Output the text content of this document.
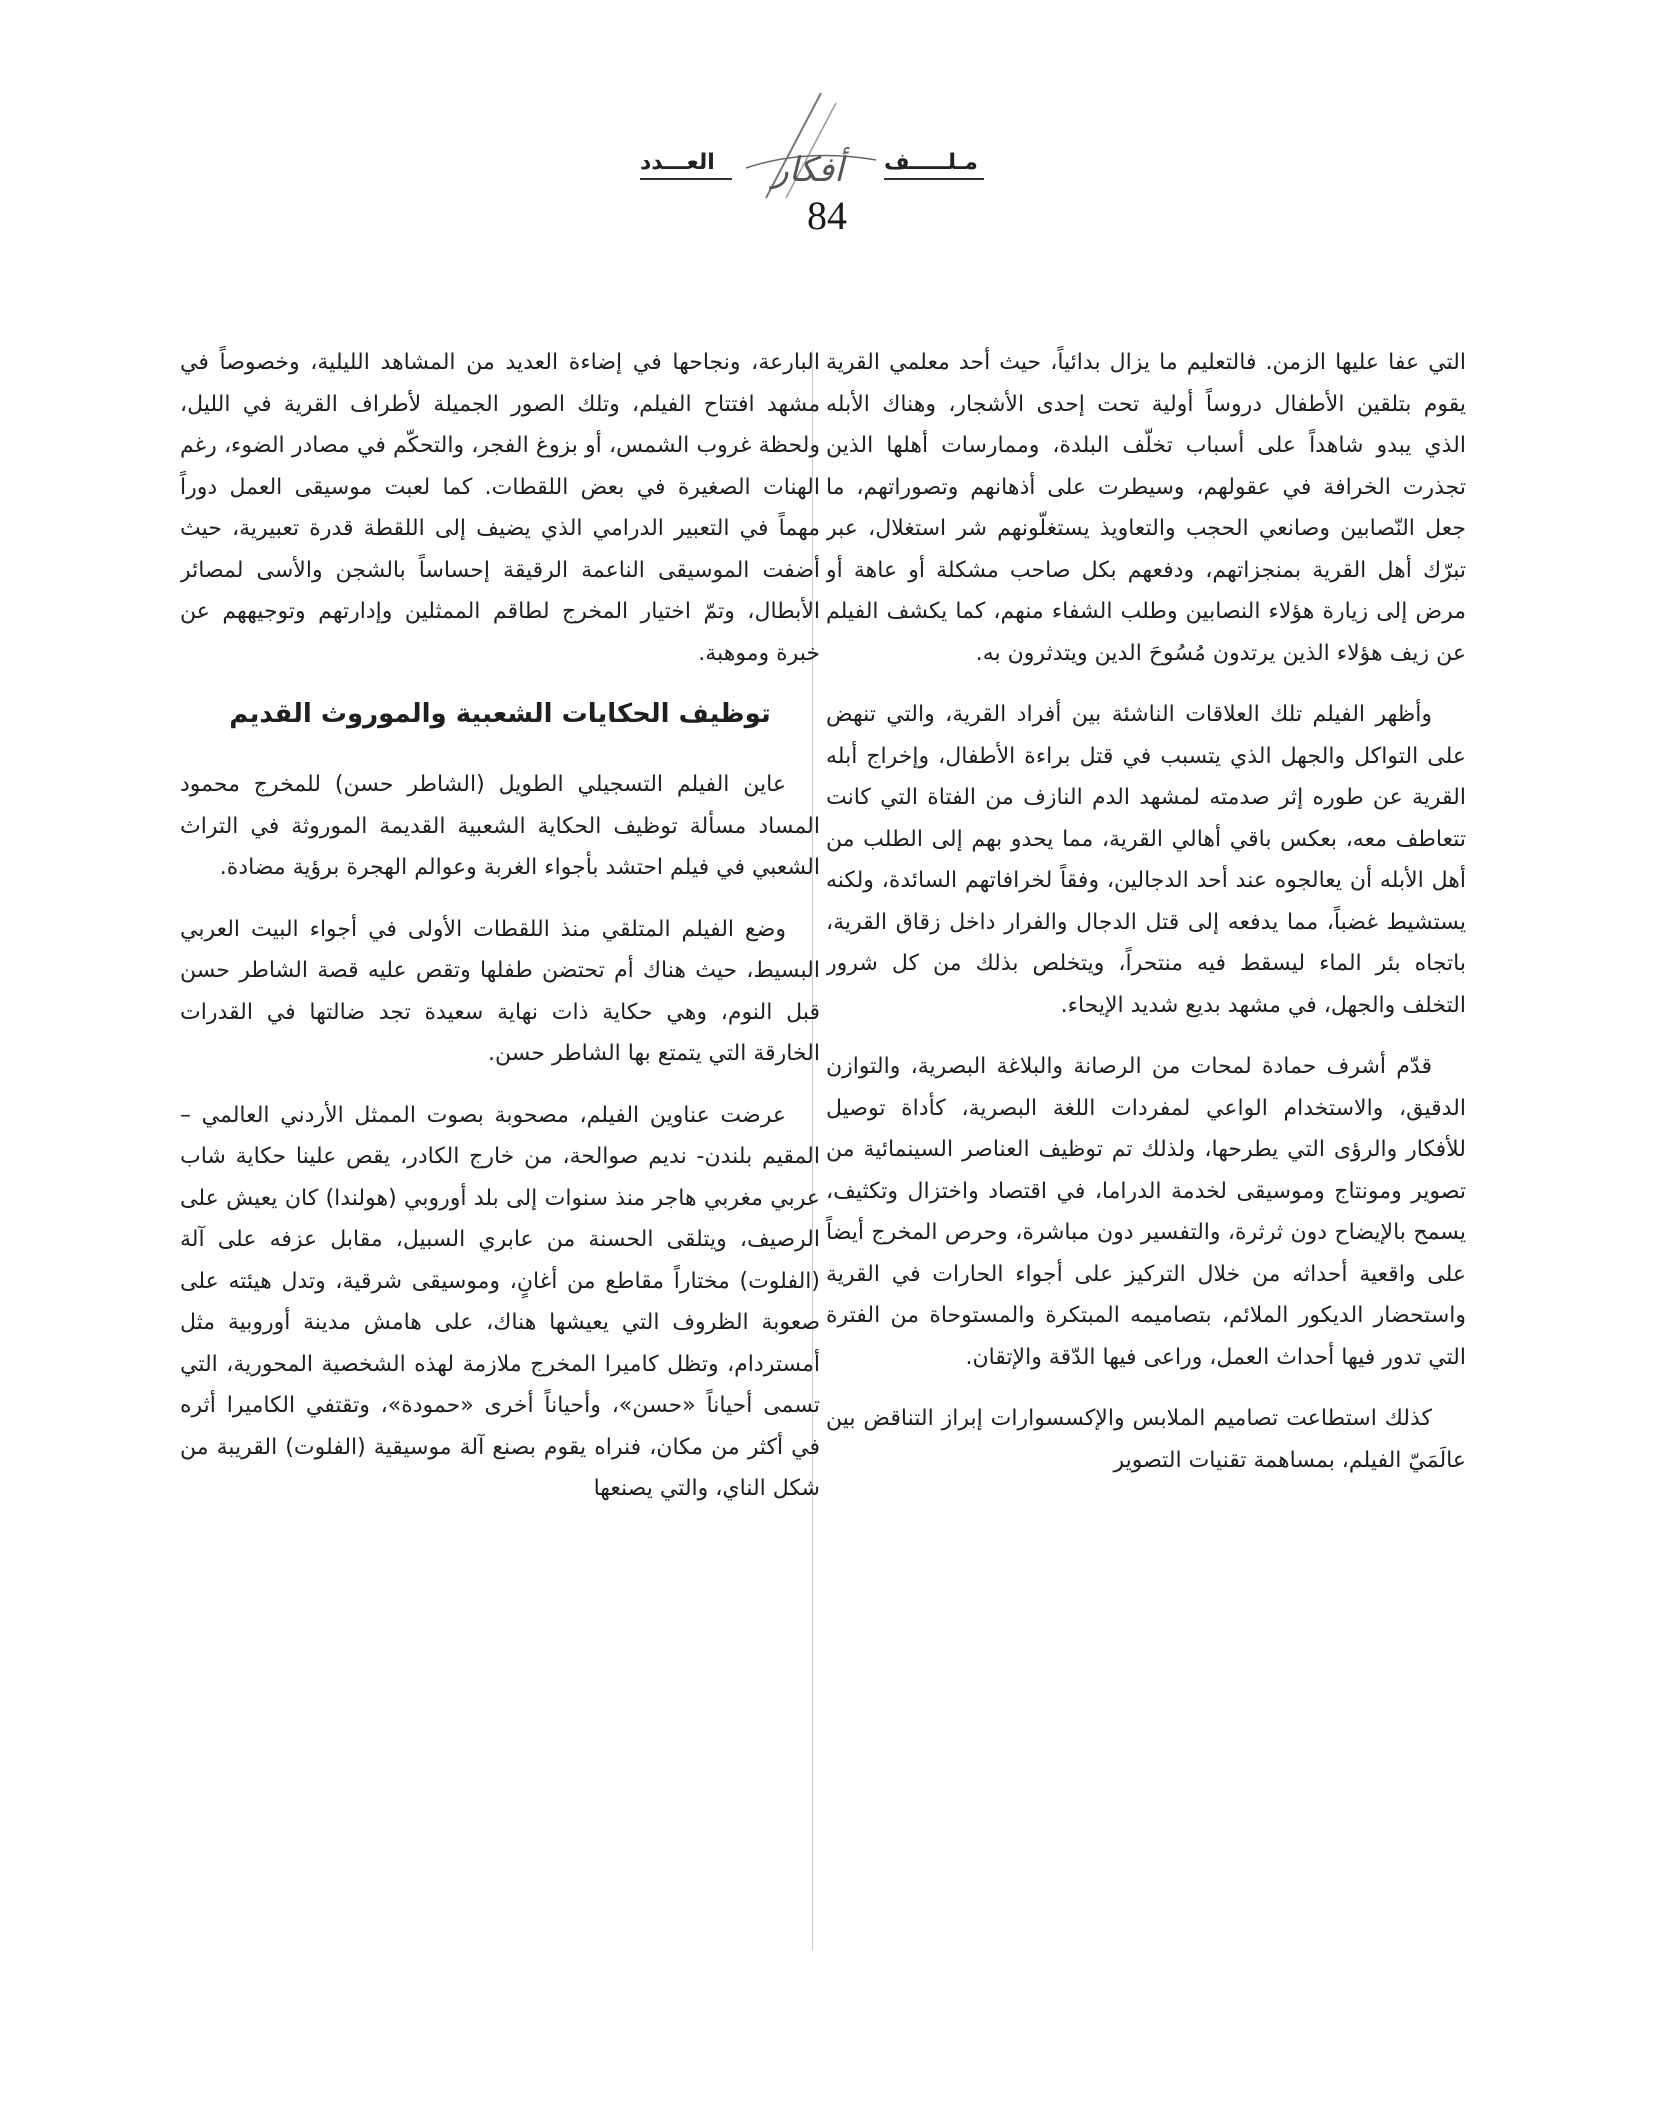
مـلـــــف
أفكار
العـــدد
84

التي عفا عليها الزمن. فالتعليم ما يزال بدائياً، حيث أحد معلمي القرية يقوم بتلقين الأطفال دروساً أولية تحت إحدى الأشجار، وهناك الأبله الذي يبدو شاهداً على أسباب تخلّف البلدة، وممارسات أهلها الذين تجذرت الخرافة في عقولهم، وسيطرت على أذهانهم وتصوراتهم، ما جعل النّصابين وصانعي الحجب والتعاويذ يستغلّونهم شر استغلال، عبر تبرّك أهل القرية بمنجزاتهم، ودفعهم بكل صاحب مشكلة أو عاهة أو مرض إلى زيارة هؤلاء النصابين وطلب الشفاء منهم، كما يكشف الفيلم عن زيف هؤلاء الذين يرتدون مُسُوحَ الدين ويتدثرون به.

وأظهر الفيلم تلك العلاقات الناشئة بين أفراد القرية، والتي تنهض على التواكل والجهل الذي يتسبب في قتل براءة الأطفال، وإخراج أبله القرية عن طوره إثر صدمته لمشهد الدم النازف من الفتاة التي كانت تتعاطف معه، بعكس باقي أهالي القرية، مما يحدو بهم إلى الطلب من أهل الأبله أن يعالجوه عند أحد الدجالين، وفقاً لخرافاتهم السائدة، ولكنه يستشيط غضباً، مما يدفعه إلى قتل الدجال والفرار داخل زقاق القرية، باتجاه بئر الماء ليسقط فيه منتحراً، ويتخلص بذلك من كل شرور التخلف والجهل، في مشهد بديع شديد الإيحاء.

قدّم أشرف حمادة لمحات من الرصانة والبلاغة البصرية، والتوازن الدقيق، والاستخدام الواعي لمفردات اللغة البصرية، كأداة توصيل للأفكار والرؤى التي يطرحها، ولذلك تم توظيف العناصر السينمائية من تصوير ومونتاج وموسيقى لخدمة الدراما، في اقتصاد واختزال وتكثيف، يسمح بالإيضاح دون ثرثرة، والتفسير دون مباشرة، وحرص المخرج أيضاً على واقعية أحداثه من خلال التركيز على أجواء الحارات في القرية واستحضار الديكور الملائم، بتصاميمه المبتكرة والمستوحاة من الفترة التي تدور فيها أحداث العمل، وراعى فيها الدّقة والإتقان.

كذلك استطاعت تصاميم الملابس والإكسسوارات إبراز التناقض بين عالَمَيّ الفيلم، بمساهمة تقنيات التصوير

البارعة، ونجاحها في إضاءة العديد من المشاهد الليلية، وخصوصاً في مشهد افتتاح الفيلم، وتلك الصور الجميلة لأطراف القرية في الليل، ولحظة غروب الشمس، أو بزوغ الفجر، والتحكّم في مصادر الضوء، رغم الهنات الصغيرة في بعض اللقطات. كما لعبت موسيقى العمل دوراً مهماً في التعبير الدرامي الذي يضيف إلى اللقطة قدرة تعبيرية، حيث أضفت الموسيقى الناعمة الرقيقة إحساساً بالشجن والأسى لمصائر الأبطال، وتمّ اختيار المخرج لطاقم الممثلين وإدارتهم وتوجيههم عن خبرة وموهبة.

توظيف الحكايات الشعبية والموروث القديم

عاين الفيلم التسجيلي الطويل (الشاطر حسن) للمخرج محمود المساد مسألة توظيف الحكاية الشعبية القديمة الموروثة في التراث الشعبي في فيلم احتشد بأجواء الغربة وعوالم الهجرة برؤية مضادة.

وضع الفيلم المتلقي منذ اللقطات الأولى في أجواء البيت العربي البسيط، حيث هناك أم تحتضن طفلها وتقص عليه قصة الشاطر حسن قبل النوم، وهي حكاية ذات نهاية سعيدة تجد ضالتها في القدرات الخارقة التي يتمتع بها الشاطر حسن.

عرضت عناوين الفيلم، مصحوبة بصوت الممثل الأردني العالمي – المقيم بلندن- نديم صوالحة، من خارج الكادر، يقص علينا حكاية شاب عربي مغربي هاجر منذ سنوات إلى بلد أوروبي (هولندا) كان يعيش على الرصيف، ويتلقى الحسنة من عابري السبيل، مقابل عزفه على آلة (الفلوت) مختاراً مقاطع من أغانٍ، وموسيقى شرقية، وتدل هيئته على صعوبة الظروف التي يعيشها هناك، على هامش مدينة أوروبية مثل أمستردام، وتظل كاميرا المخرج ملازمة لهذه الشخصية المحورية، التي تسمى أحياناً «حسن»، وأحياناً أخرى «حمودة»، وتقتفي الكاميرا أثره في أكثر من مكان، فنراه يقوم بصنع آلة موسيقية (الفلوت) القريبة من شكل الناي، والتي يصنعها
